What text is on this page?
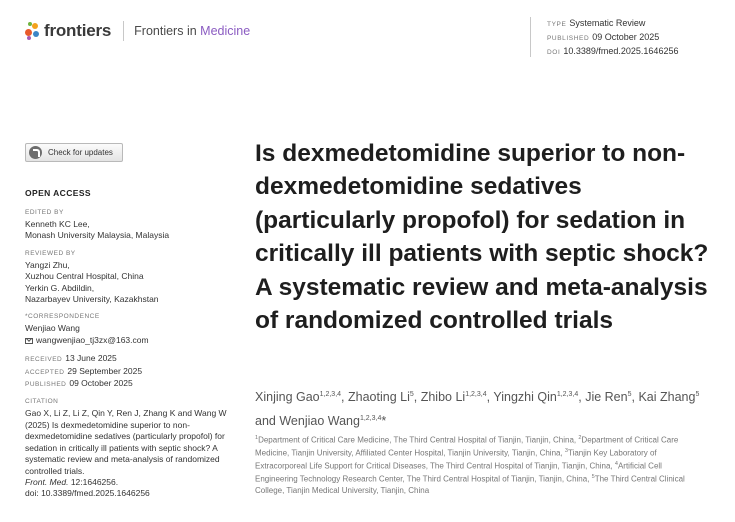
frontiers Frontiers in Medicine	TYPE Systematic Review
PUBLISHED 09 October 2025
DOI 10.3389/fmed.2025.1646256
Check for updates
OPEN ACCESS
EDITED BY
Kenneth KC Lee,
Monash University Malaysia, Malaysia
REVIEWED BY
Yangzi Zhu,
Xuzhou Central Hospital, China
Yerkin G. Abdildin,
Nazarbayev University, Kazakhstan
*CORRESPONDENCE
Wenjiao Wang
wangwenjiao_tj3zx@163.com
RECEIVED 13 June 2025
ACCEPTED 29 September 2025
PUBLISHED 09 October 2025
CITATION
Gao X, Li Z, Li Z, Qin Y, Ren J, Zhang K and Wang W (2025) Is dexmedetomidine superior to non-dexmedetomidine sedatives (particularly propofol) for sedation in critically ill patients with septic shock? A systematic review and meta-analysis of randomized controlled trials.
Front. Med. 12:1646256.
doi: 10.3389/fmed.2025.1646256
Is dexmedetomidine superior to non-dexmedetomidine sedatives (particularly propofol) for sedation in critically ill patients with septic shock? A systematic review and meta-analysis of randomized controlled trials
Xinjing Gao$^{1,2,3,4}$, Zhaoting Li$^5$, Zhibo Li$^{1,2,3,4}$, Yingzhi Qin$^{1,2,3,4}$, Jie Ren$^5$, Kai Zhang$^5$ and Wenjiao Wang$^{1,2,3,4}$*
$^1$Department of Critical Care Medicine, The Third Central Hospital of Tianjin, Tianjin, China, $^2$Department of Critical Care Medicine, Tianjin University, Affiliated Center Hospital, Tianjin University, Tianjin, China, $^3$Tianjin Key Laboratory of Extracorporeal Life Support for Critical Diseases, The Third Central Hospital of Tianjin, Tianjin, China, $^4$Artificial Cell Engineering Technology Research Center, The Third Central Hospital of Tianjin, Tianjin, China, $^5$The Third Central Clinical College, Tianjin Medical University, Tianjin, China
